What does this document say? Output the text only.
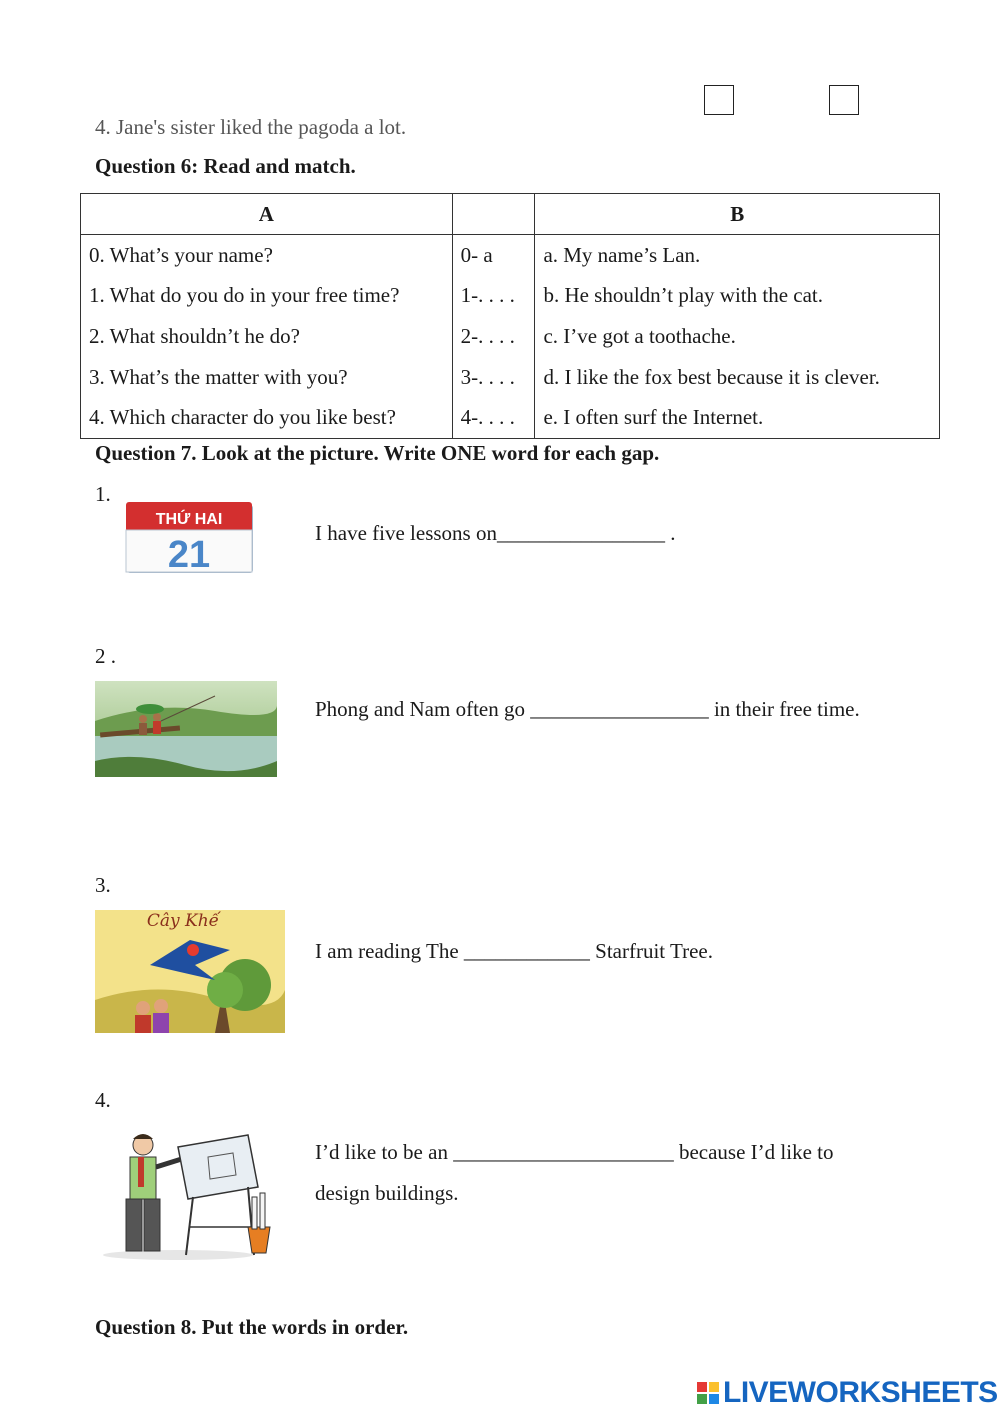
4. Jane's sister liked the pagoda a lot.
Question 6: Read and match.
A		B
0. What’s your name?	0- a	a. My name’s Lan.
1. What do you do in your free time?	1-. . . .	b. He shouldn’t play with the cat.
2. What shouldn’t he do?	2-. . . .	c. I’ve got a toothache.
3. What’s the matter with you?	3-. . . .	d. I like the fox best because it is clever.
4. Which character do you like best?	4-. . . .	e. I often surf the Internet.
Question 7. Look at the picture. Write ONE word for each gap.
1.
THỨ HAI
21
I have five lessons on________________ .
2 .
Phong and Nam often go _________________ in their free time.
3.
Cây Khế
I am reading The ____________ Starfruit Tree.
4.
I’d like to be an _____________________ because I’d like to
design buildings.
Question 8. Put the words in order.
LIVEWORKSHEETS
